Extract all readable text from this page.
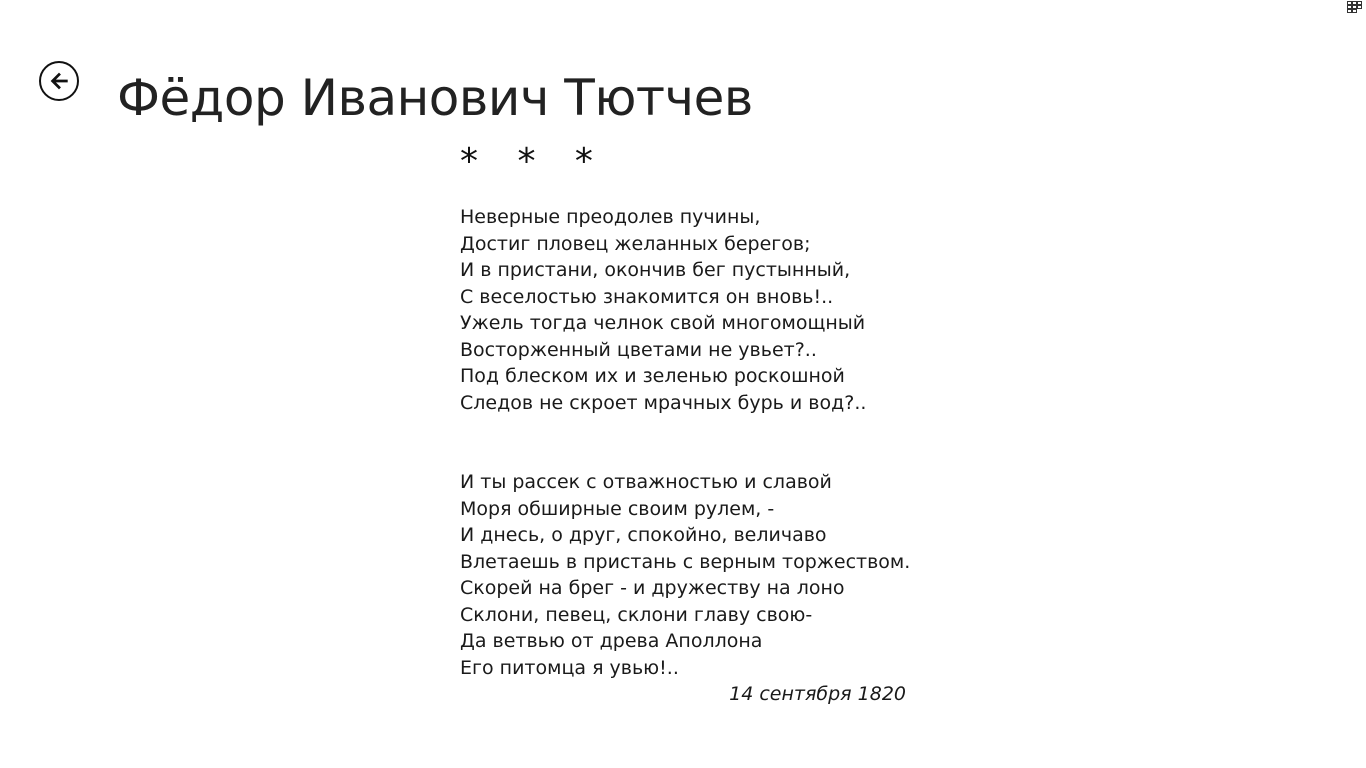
Фёдор Иванович Тютчев
* * *
Неверные преодолев пучины,
Достиг пловец желанных берегов;
И в пристани, окончив бег пустынный,
С веселостью знакомится он вновь!..
Ужель тогда челнок свой многомощный
Восторженный цветами не увьет?..
Под блеском их и зеленью роскошной
Следов не скроет мрачных бурь и вод?..
И ты рассек с отважностью и славой
Моря обширные своим рулем, -
И днесь, о друг, спокойно, величаво
Влетаешь в пристань с верным торжеством.
Скорей на брег - и дружеству на лоно
Склони, певец, склони главу свою-
Да ветвью от древа Аполлона
Его питомца я увью!..
14 сентября 1820
